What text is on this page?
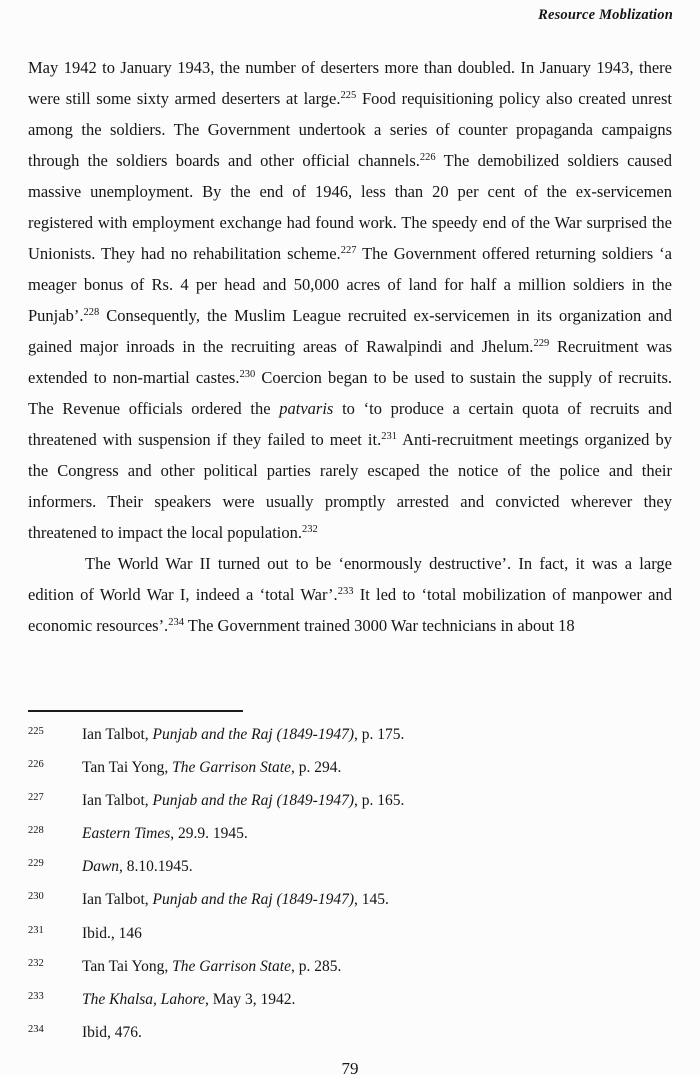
Resource Moblization

May 1942 to January 1943, the number of deserters more than doubled. In January 1943, there were still some sixty armed deserters at large.$^{225}$ Food requisitioning policy also created unrest among the soldiers. The Government undertook a series of counter propaganda campaigns through the soldiers boards and other official channels.$^{226}$ The demobilized soldiers caused massive unemployment. By the end of 1946, less than 20 per cent of the ex-servicemen registered with employment exchange had found work. The speedy end of the War surprised the Unionists. They had no rehabilitation scheme.$^{227}$ The Government offered returning soldiers ‘a meager bonus of Rs. 4 per head and 50,000 acres of land for half a million soldiers in the Punjab’.$^{228}$ Consequently, the Muslim League recruited ex-servicemen in its organization and gained major inroads in the recruiting areas of Rawalpindi and Jhelum.$^{229}$ Recruitment was extended to non-martial castes.$^{230}$ Coercion began to be used to sustain the supply of recruits. The Revenue officials ordered the patvaris to ‘to produce a certain quota of recruits and threatened with suspension if they failed to meet it.$^{231}$ Anti-recruitment meetings organized by the Congress and other political parties rarely escaped the notice of the police and their informers. Their speakers were usually promptly arrested and convicted wherever they threatened to impact the local population.$^{232}$

The World War II turned out to be ‘enormously destructive’. In fact, it was a large edition of World War I, indeed a ‘total War’.$^{233}$ It led to ‘total mobilization of manpower and economic resources’.$^{234}$ The Government trained 3000 War technicians in about 18

225	Ian Talbot, Punjab and the Raj (1849-1947), p. 175.
226	Tan Tai Yong, The Garrison State, p. 294.
227	Ian Talbot, Punjab and the Raj (1849-1947), p. 165.
228	Eastern Times, 29.9. 1945.
229	Dawn, 8.10.1945.
230	Ian Talbot, Punjab and the Raj (1849-1947), 145.
231	Ibid., 146
232	Tan Tai Yong, The Garrison State, p. 285.
233	The Khalsa, Lahore, May 3, 1942.
234	Ibid, 476.
79
